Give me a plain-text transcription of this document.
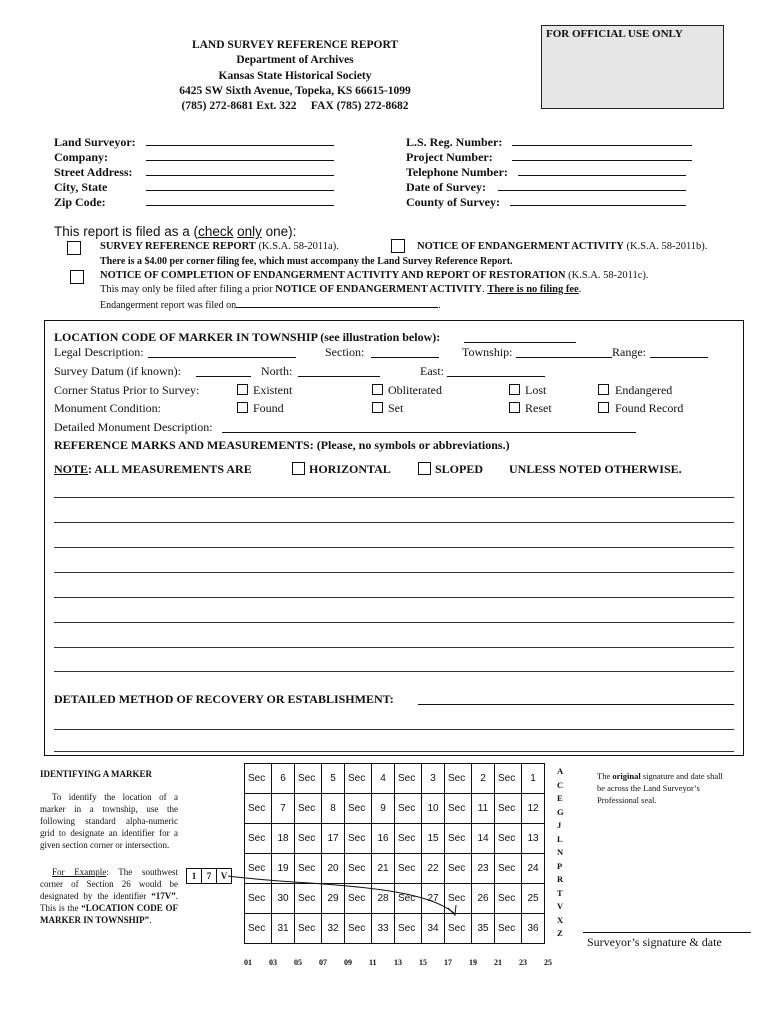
FOR OFFICIAL USE ONLY
LAND SURVEY REFERENCE REPORT
Department of Archives
Kansas State Historical Society
6425 SW Sixth Avenue, Topeka, KS 66615-1099
(785) 272-8681 Ext. 322 FAX (785) 272-8682
Land Surveyor:
Company:
Street Address:
City, State
Zip Code:
L.S. Reg. Number:
Project Number:
Telephone Number:
Date of Survey:
County of Survey:
This report is filed as a (check only one):
SURVEY REFERENCE REPORT (K.S.A. 58-2011a).	NOTICE OF ENDANGERMENT ACTIVITY (K.S.A. 58-2011b).
There is a $4.00 per corner filing fee, which must accompany the Land Survey Reference Report.
NOTICE OF COMPLETION OF ENDANGERMENT ACTIVITY AND REPORT OF RESTORATION (K.S.A. 58-2011c).
This may only be filed after filing a prior NOTICE OF ENDANGERMENT ACTIVITY. There is no filing fee.
Endangerment report was filed on	.
LOCATION CODE OF MARKER IN TOWNSHIP (see illustration below):
Legal Description:	Section:	Township:	Range:
Survey Datum (if known):	North:	East:
Corner Status Prior to Survey:	Existent	Obliterated	Lost	Endangered
Monument Condition:	Found	Set	Reset	Found Record
Detailed Monument Description:
REFERENCE MARKS AND MEASUREMENTS: (Please, no symbols or abbreviations.)
NOTE: ALL MEASUREMENTS ARE	HORIZONTAL	SLOPED UNLESS NOTED OTHERWISE.
DETAILED METHOD OF RECOVERY OR ESTABLISHMENT:
IDENTIFYING A MARKER
To identify the location of a marker in a township, use the following standard alpha-numeric grid to designate an identifier for a given section corner or intersection.
For Example: The southwest corner of Section 26 would be designated by the identifier “17V”. This is the “LOCATION CODE OF MARKER IN TOWNSHIP”.
1	7	V
Sec	6	Sec	5	Sec	4	Sec	3	Sec	2	Sec	1
Sec	7	Sec	8	Sec	9	Sec	10	Sec	11	Sec	12
Sec	18	Sec	17	Sec	16	Sec	15	Sec	14	Sec	13
Sec	19	Sec	20	Sec	21	Sec	22	Sec	23	Sec	24
Sec	30	Sec	29	Sec	28	Sec	27	Sec	26	Sec	25
Sec	31	Sec	32	Sec	33	Sec	34	Sec	35	Sec	36
A
C
E
G
J
L
N
P
R
T
V
X
Z
01 03 05 07 09 11 13 15 17 19 21 23 25
The original signature and date shall be across the Land Surveyor’s Professional seal.
Surveyor’s signature & date
